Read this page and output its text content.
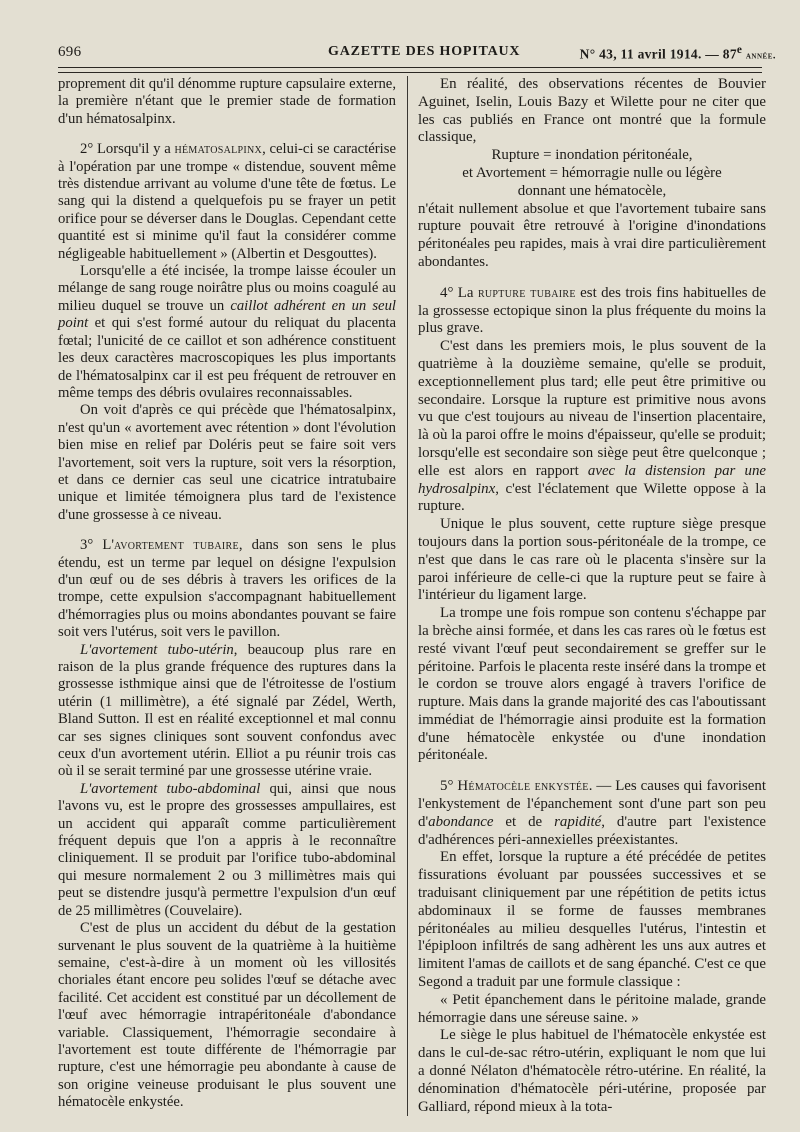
696	GAZETTE DES HOPITAUX	N° 43, 11 avril 1914. — 87e année.

proprement dit qu'il dénomme rupture capsulaire externe, la première n'étant que le premier stade de formation d'un hématosalpinx.

2° Lorsqu'il y a hématosalpinx, celui-ci se caractérise à l'opération par une trompe « distendue, souvent même très distendue arrivant au volume d'une tête de fœtus. Le sang qui la distend a quelquefois pu se frayer un petit orifice pour se déverser dans le Douglas. Cependant cette quantité est si minime qu'il faut la considérer comme négligeable habituellement » (Albertin et Desgouttes).

Lorsqu'elle a été incisée, la trompe laisse écouler un mélange de sang rouge noirâtre plus ou moins coagulé au milieu duquel se trouve un caillot adhérent en un seul point et qui s'est formé autour du reliquat du placenta fœtal; l'unicité de ce caillot et son adhérence constituent les deux caractères macroscopiques les plus importants de l'hématosalpinx car il est peu fréquent de retrouver en même temps des débris ovulaires reconnaissables.

On voit d'après ce qui précède que l'hématosalpinx, n'est qu'un « avortement avec rétention » dont l'évolution bien mise en relief par Doléris peut se faire soit vers l'avortement, soit vers la rupture, soit vers la résorption, et dans ce dernier cas seul une cicatrice intratubaire unique et limitée témoignera plus tard de l'existence d'une grossesse à ce niveau.

3° L'avortement tubaire, dans son sens le plus étendu, est un terme par lequel on désigne l'expulsion d'un œuf ou de ses débris à travers les orifices de la trompe, cette expulsion s'accompagnant habituellement d'hémorragies plus ou moins abondantes pouvant se faire soit vers l'utérus, soit vers le pavillon.

L'avortement tubo-utérin, beaucoup plus rare en raison de la plus grande fréquence des ruptures dans la grossesse isthmique ainsi que de l'étroitesse de l'ostium utérin (1 millimètre), a été signalé par Zédel, Werth, Bland Sutton. Il est en réalité exceptionnel et mal connu car ses signes cliniques sont souvent confondus avec ceux d'un avortement utérin. Elliot a pu réunir trois cas où il se serait terminé par une grossesse utérine vraie.

L'avortement tubo-abdominal qui, ainsi que nous l'avons vu, est le propre des grossesses ampullaires, est un accident qui apparaît comme particulièrement fréquent depuis que l'on a appris à le reconnaître cliniquement. Il se produit par l'orifice tubo-abdominal qui mesure normalement 2 ou 3 millimètres mais qui peut se distendre jusqu'à permettre l'expulsion d'un œuf de 25 millimètres (Couvelaire).

C'est de plus un accident du début de la gestation survenant le plus souvent de la quatrième à la huitième semaine, c'est-à-dire à un moment où les villosités choriales étant encore peu solides l'œuf se détache avec facilité. Cet accident est constitué par un décollement de l'œuf avec hémorragie intrapéritonéale d'abondance variable. Classiquement, l'hémorragie secondaire à l'avortement est toute différente de l'hémorragie par rupture, c'est une hémorragie peu abondante à cause de son origine veineuse produisant le plus souvent une hématocèle enkystée.

En réalité, des observations récentes de Bouvier Aguinet, Iselin, Louis Bazy et Wilette pour ne citer que les cas publiés en France ont montré que la formule classique,

Rupture = inondation péritonéale,

et Avortement = hémorragie nulle ou légère

donnant une hématocèle,

n'était nullement absolue et que l'avortement tubaire sans rupture pouvait être retrouvé à l'origine d'inondations péritonéales peu rapides, mais à vrai dire particulièrement abondantes.

4° La rupture tubaire est des trois fins habituelles de la grossesse ectopique sinon la plus fréquente du moins la plus grave.

C'est dans les premiers mois, le plus souvent de la quatrième à la douzième semaine, qu'elle se produit, exceptionnellement plus tard; elle peut être primitive ou secondaire. Lorsque la rupture est primitive nous avons vu que c'est toujours au niveau de l'insertion placentaire, là où la paroi offre le moins d'épaisseur, qu'elle se produit; lorsqu'elle est secondaire son siège peut être quelconque ; elle est alors en rapport avec la distension par une hydrosalpinx, c'est l'éclatement que Wilette oppose à la rupture.

Unique le plus souvent, cette rupture siège presque toujours dans la portion sous-péritonéale de la trompe, ce n'est que dans le cas rare où le placenta s'insère sur la paroi inférieure de celle-ci que la rupture peut se faire à l'intérieur du ligament large.

La trompe une fois rompue son contenu s'échappe par la brèche ainsi formée, et dans les cas rares où le fœtus est resté vivant l'œuf peut secondairement se greffer sur le péritoine. Parfois le placenta reste inséré dans la trompe et le cordon se trouve alors engagé à travers l'orifice de rupture. Mais dans la grande majorité des cas l'aboutissant immédiat de l'hémorragie ainsi produite est la formation d'une hématocèle enkystée ou d'une inondation péritonéale.

5° Hématocèle enkystée. — Les causes qui favorisent l'enkystement de l'épanchement sont d'une part son peu d'abondance et de rapidité, d'autre part l'existence d'adhérences péri-annexielles préexistantes.

En effet, lorsque la rupture a été précédée de petites fissurations évoluant par poussées successives et se traduisant cliniquement par une répétition de petits ictus abdominaux il se forme de fausses membranes péritonéales au milieu desquelles l'utérus, l'intestin et l'épiploon infiltrés de sang adhèrent les uns aux autres et limitent l'amas de caillots et de sang épanché. C'est ce que Segond a traduit par une formule classique :

« Petit épanchement dans le péritoine malade, grande hémorragie dans une séreuse saine. »

Le siège le plus habituel de l'hématocèle enkystée est dans le cul-de-sac rétro-utérin, expliquant le nom que lui a donné Nélaton d'hématocèle rétro-utérine. En réalité, la dénomination d'hématocèle péri-utérine, proposée par Galliard, répond mieux à la tota-
